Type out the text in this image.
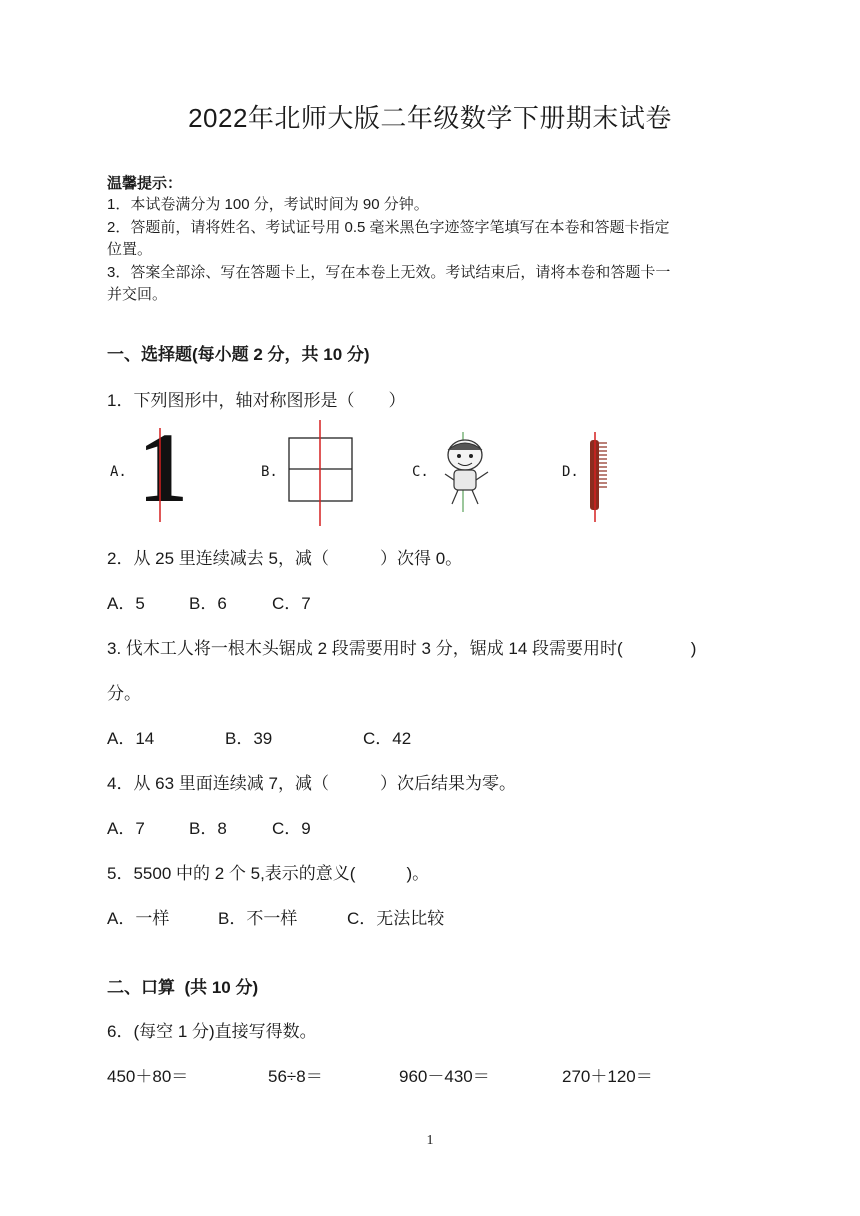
2022年北师大版二年级数学下册期末试卷
温馨提示：
1．本试卷满分为 100 分，考试时间为 90 分钟。
2．答题前，请将姓名、考试证号用 0.5 毫米黑色字迹签字笔填写在本卷和答题卡指定
位置。
3．答案全部涂、写在答题卡上，写在本卷上无效。考试结束后，请将本卷和答题卡一
并交回。
一、选择题(每小题 2 分，共 10 分)
1．下列图形中，轴对称图形是（　　）
A. 1	B.	C.	D.
2．从 25 里连续减去 5，减（　　　）次得 0。
A．5	B．6	C．7
3. 伐木工人将一根木头锯成 2 段需要用时 3 分，锯成 14 段需要用时(　　　　)
分。
A．14	B．39	C．42
4．从 63 里面连续减 7，减（　　　）次后结果为零。
A．7	B．8	C．9
5．5500 中的 2 个 5,表示的意义(　　　)。
A．一样	B．不一样	C．无法比较
二、口算  (共 10 分)
6．(每空 1 分)直接写得数。
450＋80＝	56÷8＝	960－430＝	270＋120＝
1
